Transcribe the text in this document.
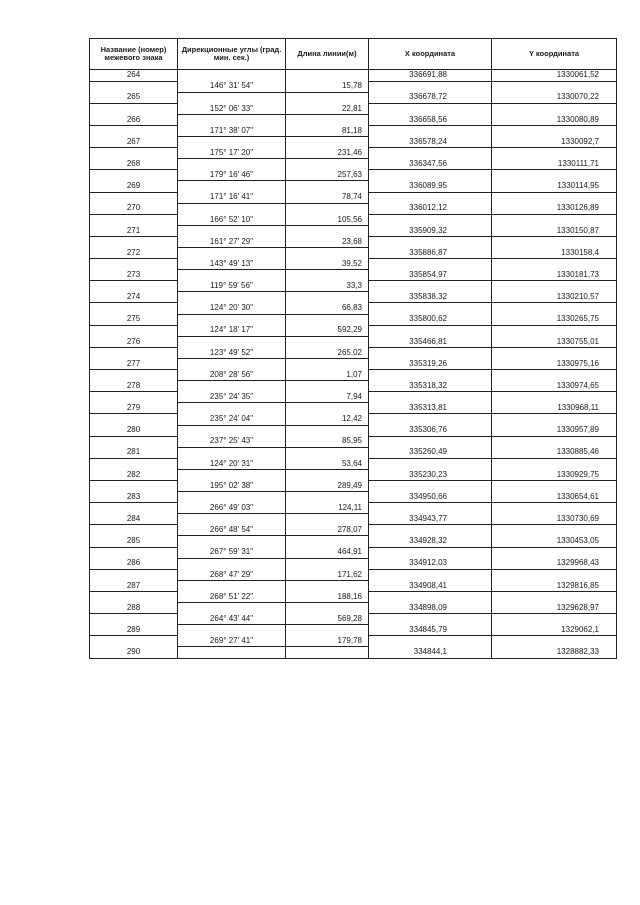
Название (номер) межевого знака	Дирекционные углы (град. мин. сек.)	Длина линии(м)	X координата	Y координата
264			336691,88	1330061,52
	146° 31' 54"	15,78		
265			336678,72	1330070,22
	152° 06' 33"	22,81		
266			336658,56	1330080,89
	171° 38' 07"	81,18		
267			336578,24	1330092,7
	175° 17' 20"	231,46		
268			336347,56	1330111,71
	179° 16' 46"	257,63		
269			336089,95	1330114,95
	171° 16' 41"	78,74		
270			336012,12	1330126,89
	166° 52' 10"	105,56		
271			335909,32	1330150,87
	161° 27' 29"	23,68		
272			335886,87	1330158,4
	143° 49' 13"	39,52		
273			335854,97	1330181,73
	119° 59' 56"	33,3		
274			335838,32	1330210,57
	124° 20' 30"	66,83		
275			335800,62	1330265,75
	124° 18' 17"	592,29		
276			335466,81	1330755,01
	123° 49' 52"	265,02		
277			335319,26	1330975,16
	208° 28' 56"	1,07		
278			335318,32	1330974,65
	235° 24' 35"	7,94		
279			335313,81	1330968,11
	235° 24' 04"	12,42		
280			335306,76	1330957,89
	237° 25' 43"	85,95		
281			335260,49	1330885,46
	124° 20' 31"	53,64		
282			335230,23	1330929,75
	195° 02' 38"	289,49		
283			334950,66	1330654,61
	266° 49' 03"	124,11		
284			334943,77	1330730,69
	266° 48' 54"	278,07		
285			334928,32	1330453,05
	267° 59' 31"	464,91		
286			334912,03	1329968,43
	268° 47' 29"	171,62		
287			334908,41	1329816,85
	268° 51' 22"	188,16		
288			334898,09	1329628,97
	264° 43' 44"	569,28		
289			334845,79	1329062,1
	269° 27' 41"	179,78		
290			334844,1	1328882,33
